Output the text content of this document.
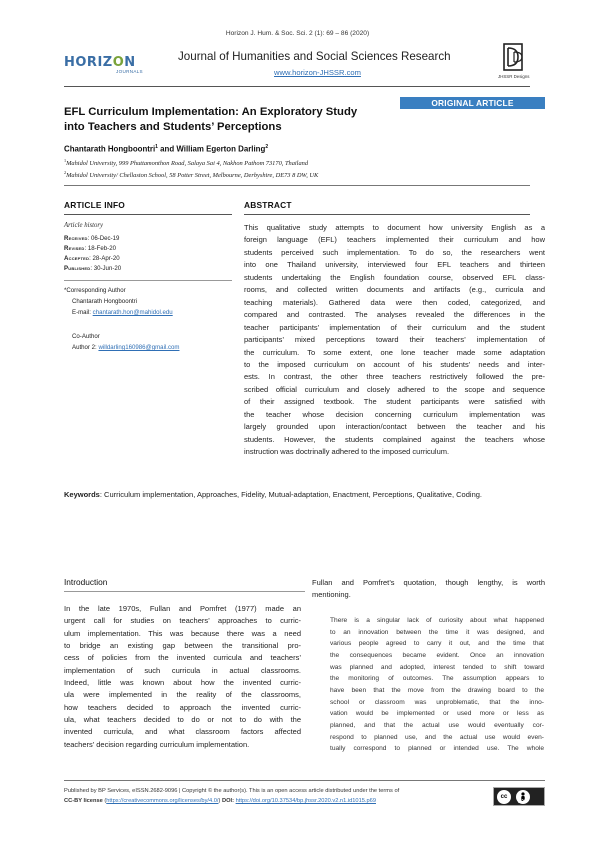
Horizon J. Hum. & Soc. Sci. 2 (1): 69 – 86 (2020)
HORIZON
JOURNALS
Journal of Humanities and Social Sciences Research
www.horizon-JHSSR.com	JHSSR Designs
ORIGINAL ARTICLE
EFL Curriculum Implementation: An Exploratory Study
into Teachers and Students’ Perceptions
Chantarath Hongboontri$^1$ and William Egerton Darling$^2$
$^1$Mahidol University, 999 Phuttamonthon Road, Salaya Sai 4, Nakhon Pathom 73170, Thailand
$^2$Mahidol University/ Chellaston School, 58 Potter Street, Melbourne, Derbyshire, DE73 8 DW, UK
ARTICLE INFO	ABSTRACT
Article history
Received: 06-Dec-19
Revised: 18-Feb-20
Accepted: 28-Apr-20
Published: 30-Jun-20
*Corresponding Author
Chantarath Hongboontri
E-mail: chantarath.hon@mahidol.edu
Co-Author
Author 2: willdarling160986@gmail.com
This qualitative study attempts to document how university English as a
foreign language (EFL) teachers implemented their curriculum and how
students perceived such implementation. To do so, the researchers went
into one Thailand university, interviewed four EFL teachers and thirteen
students undertaking the English foundation course, observed EFL class-
rooms, and collected written documents and artifacts (e.g., curricula and
teaching materials). Gathered data were then coded, categorized, and
compared and contrasted. The analyses revealed the differences in the
teacher participants’ implementation of their curriculum and the student
participants’ mixed perceptions toward their teachers’ implementation of
the curriculum. To some extent, one lone teacher made some adaptation
to the imposed curriculum on account of his students’ needs and inter-
ests. In contrast, the other three teachers restrictively followed the pre-
scribed official curriculum and closely adhered to the scope and sequence
of their assigned textbook. The student participants were satisfied with
the teacher whose decision concerning curriculum implementation was
largely grounded upon interaction/contact between the teacher and his
students. However, the students complained against the teachers whose
instruction was doctrinally adhered to the imposed curriculum.
Keywords: Curriculum implementation, Approaches, Fidelity, Mutual-adaptation, Enactment, Perceptions, Qualitative, Coding.
Introduction
In the late 1970s, Fullan and Pomfret (1977) made an
urgent call for studies on teachers’ approaches to curric-
ulum implementation. This was because there was a need
to bridge an existing gap between the transitional pro-
cess of policies from the invented curricula and teachers’
implementation of such curricula in actual classrooms.
Indeed, little was known about how the invented curric-
ula were implemented in the reality of the classrooms,
how teachers decided to approach the invented curric-
ula, what teachers decided to do or not to do with the
invented curricula, and what classroom factors affected
teachers’ decision regarding curriculum implementation.
Fullan and Pomfret’s quotation, though lengthy, is worth
mentioning.
There is a singular lack of curiosity about what happened
to an innovation between the time it was designed, and
various people agreed to carry it out, and the time that
the consequences became evident. Once an innovation
was planned and adopted, interest tended to shift toward
the monitoring of outcomes. The assumption appears to
have been that the move from the drawing board to the
school or classroom was unproblematic, that the inno-
vation would be implemented or used more or less as
planned, and that the actual use would eventually cor-
respond to planned use, and the actual use would even-
tually correspond to planned or intended use. The whole
Published by BP Services, eISSN.2682-9096 | Copyright © the author(s). This is an open access article distributed under the terms of
CC-BY license (https://creativecommons.org/licenses/by/4.0/) DOI: https://doi.org/10.37534/bp.jhssr.2020.v2.n1.id1015.p69
cc
BY
